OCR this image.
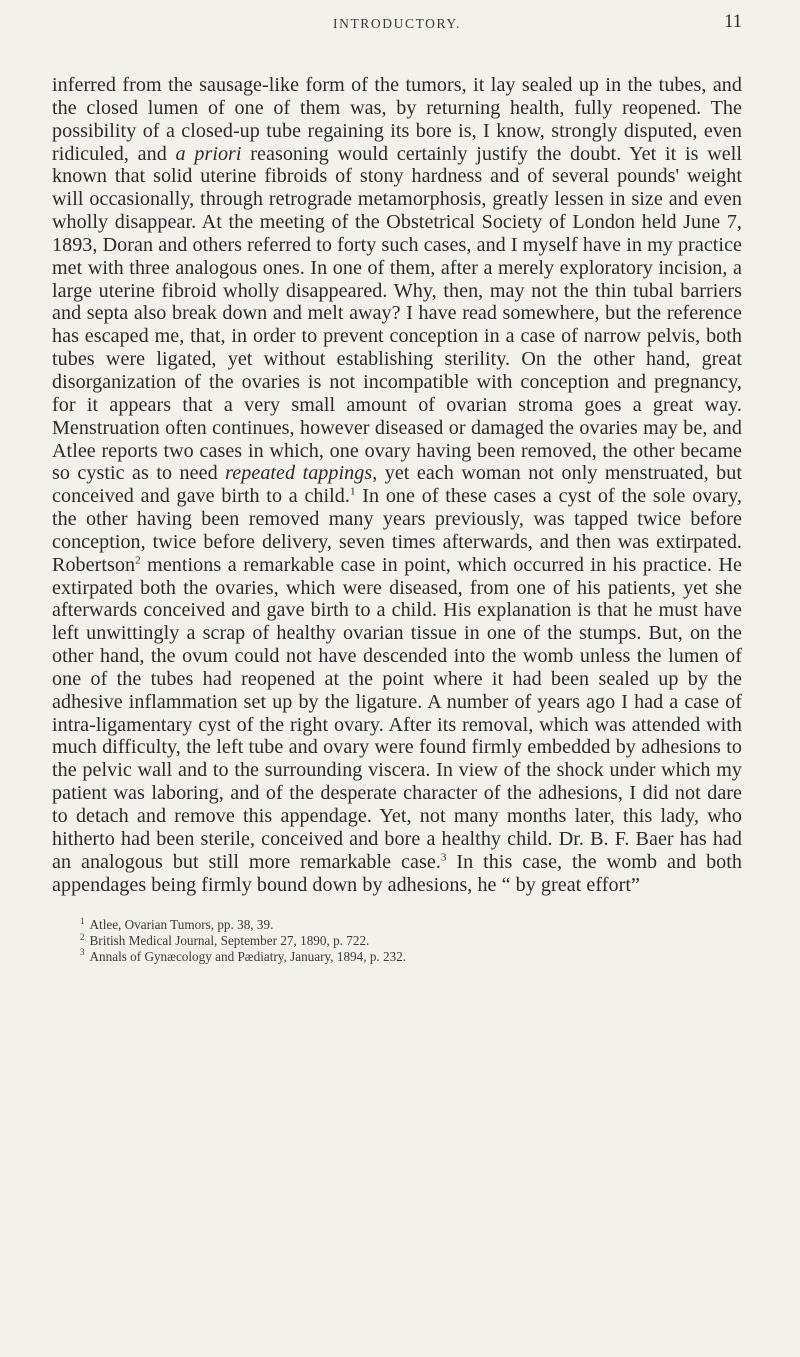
INTRODUCTORY.	11

inferred from the sausage-like form of the tumors, it lay sealed up in the tubes, and the closed lumen of one of them was, by returning health, fully reopened. The possibility of a closed-up tube regaining its bore is, I know, strongly disputed, even ridiculed, and a priori reasoning would certainly justify the doubt. Yet it is well known that solid uterine fibroids of stony hardness and of several pounds' weight will occasionally, through retrograde metamorphosis, greatly lessen in size and even wholly disappear. At the meeting of the Obstetrical Society of London held June 7, 1893, Doran and others referred to forty such cases, and I myself have in my practice met with three analogous ones. In one of them, after a merely exploratory incision, a large uterine fibroid wholly disappeared. Why, then, may not the thin tubal barriers and septa also break down and melt away? I have read somewhere, but the reference has escaped me, that, in order to prevent conception in a case of narrow pelvis, both tubes were ligated, yet without establishing sterility. On the other hand, great disorganization of the ovaries is not incompatible with conception and pregnancy, for it appears that a very small amount of ovarian stroma goes a great way. Menstruation often continues, however diseased or damaged the ovaries may be, and Atlee reports two cases in which, one ovary having been removed, the other became so cystic as to need repeated tappings, yet each woman not only menstruated, but conceived and gave birth to a child.$^1$ In one of these cases a cyst of the sole ovary, the other having been removed many years previously, was tapped twice before conception, twice before delivery, seven times afterwards, and then was extirpated. Robertson$^2$ mentions a remarkable case in point, which occurred in his practice. He extirpated both the ovaries, which were diseased, from one of his patients, yet she afterwards conceived and gave birth to a child. His explanation is that he must have left unwittingly a scrap of healthy ovarian tissue in one of the stumps. But, on the other hand, the ovum could not have descended into the womb unless the lumen of one of the tubes had reopened at the point where it had been sealed up by the adhesive inflammation set up by the ligature. A number of years ago I had a case of intra-ligamentary cyst of the right ovary. After its removal, which was attended with much difficulty, the left tube and ovary were found firmly embedded by adhesions to the pelvic wall and to the surrounding viscera. In view of the shock under which my patient was laboring, and of the desperate character of the adhesions, I did not dare to detach and remove this appendage. Yet, not many months later, this lady, who hitherto had been sterile, conceived and bore a healthy child. Dr. B. F. Baer has had an analogous but still more remarkable case.$^3$ In this case, the womb and both appendages being firmly bound down by adhesions, he “ by great effort”

$^1$ Atlee, Ovarian Tumors, pp. 38, 39.
$^2$ British Medical Journal, September 27, 1890, p. 722.
$^3$ Annals of Gynæcology and Pædiatry, January, 1894, p. 232.
